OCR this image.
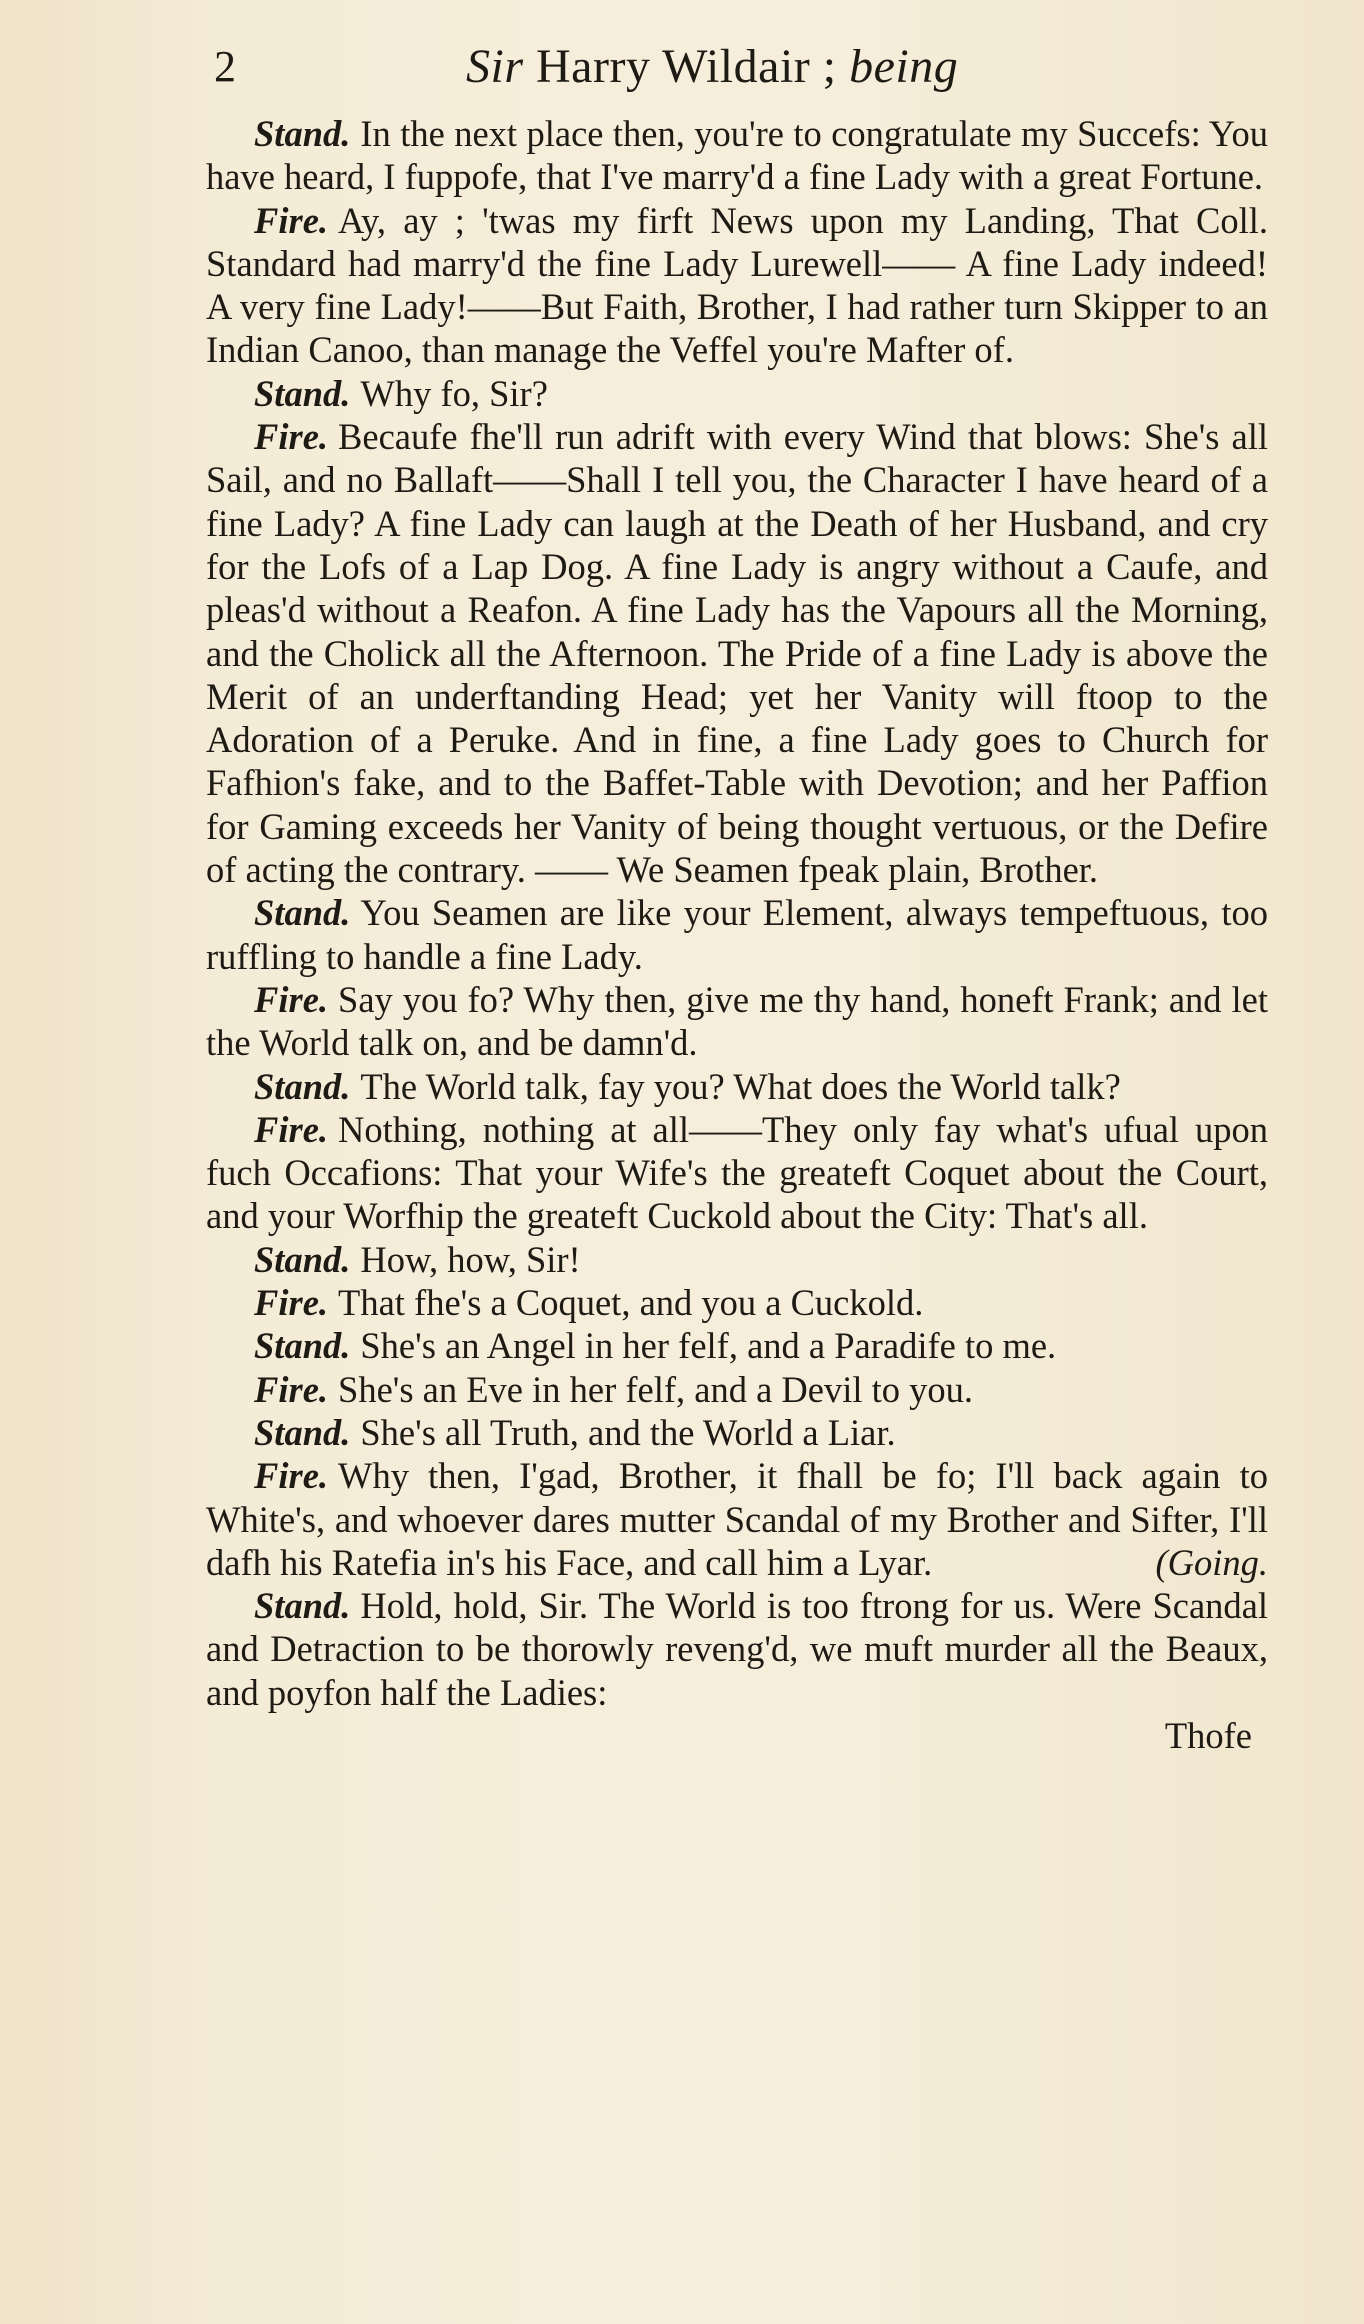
2	Sir Harry Wildair ; being

Stand. In the next place then, you're to congratulate my Succefs: You have heard, I fuppofe, that I've marry'd a fine Lady with a great Fortune.

Fire. Ay, ay ; 'twas my firft News upon my Landing, That Coll. Standard had marry'd the fine Lady Lurewell—— A fine Lady indeed! A very fine Lady!——But Faith, Brother, I had rather turn Skipper to an Indian Canoo, than manage the Veffel you're Mafter of.

Stand. Why fo, Sir?

Fire. Becaufe fhe'll run adrift with every Wind that blows: She's all Sail, and no Ballaft——Shall I tell you, the Character I have heard of a fine Lady? A fine Lady can laugh at the Death of her Husband, and cry for the Lofs of a Lap Dog. A fine Lady is angry without a Caufe, and pleas'd without a Reafon. A fine Lady has the Vapours all the Morning, and the Cholick all the Afternoon. The Pride of a fine Lady is above the Merit of an underftanding Head; yet her Vanity will ftoop to the Adoration of a Peruke. And in fine, a fine Lady goes to Church for Fafhion's fake, and to the Baffet-Table with Devotion; and her Paffion for Gaming exceeds her Vanity of being thought vertuous, or the Defire of acting the contrary. —— We Seamen fpeak plain, Brother.

Stand. You Seamen are like your Element, always tempeftuous, too ruffling to handle a fine Lady.

Fire. Say you fo? Why then, give me thy hand, honeft Frank; and let the World talk on, and be damn'd.

Stand. The World talk, fay you? What does the World talk?

Fire. Nothing, nothing at all——They only fay what's ufual upon fuch Occafions: That your Wife's the greateft Coquet about the Court, and your Worfhip the greateft Cuckold about the City: That's all.

Stand. How, how, Sir!

Fire. That fhe's a Coquet, and you a Cuckold.

Stand. She's an Angel in her felf, and a Paradife to me.

Fire. She's an Eve in her felf, and a Devil to you.

Stand. She's all Truth, and the World a Liar.

Fire. Why then, I'gad, Brother, it fhall be fo; I'll back again to White's, and whoever dares mutter Scandal of my Brother and Sifter, I'll dafh his Ratefia in's his Face, and call him a Lyar.	(Going.

Stand. Hold, hold, Sir. The World is too ftrong for us. Were Scandal and Detraction to be thorowly reveng'd, we muft murder all the Beaux, and poyfon half the Ladies:

Thofe
